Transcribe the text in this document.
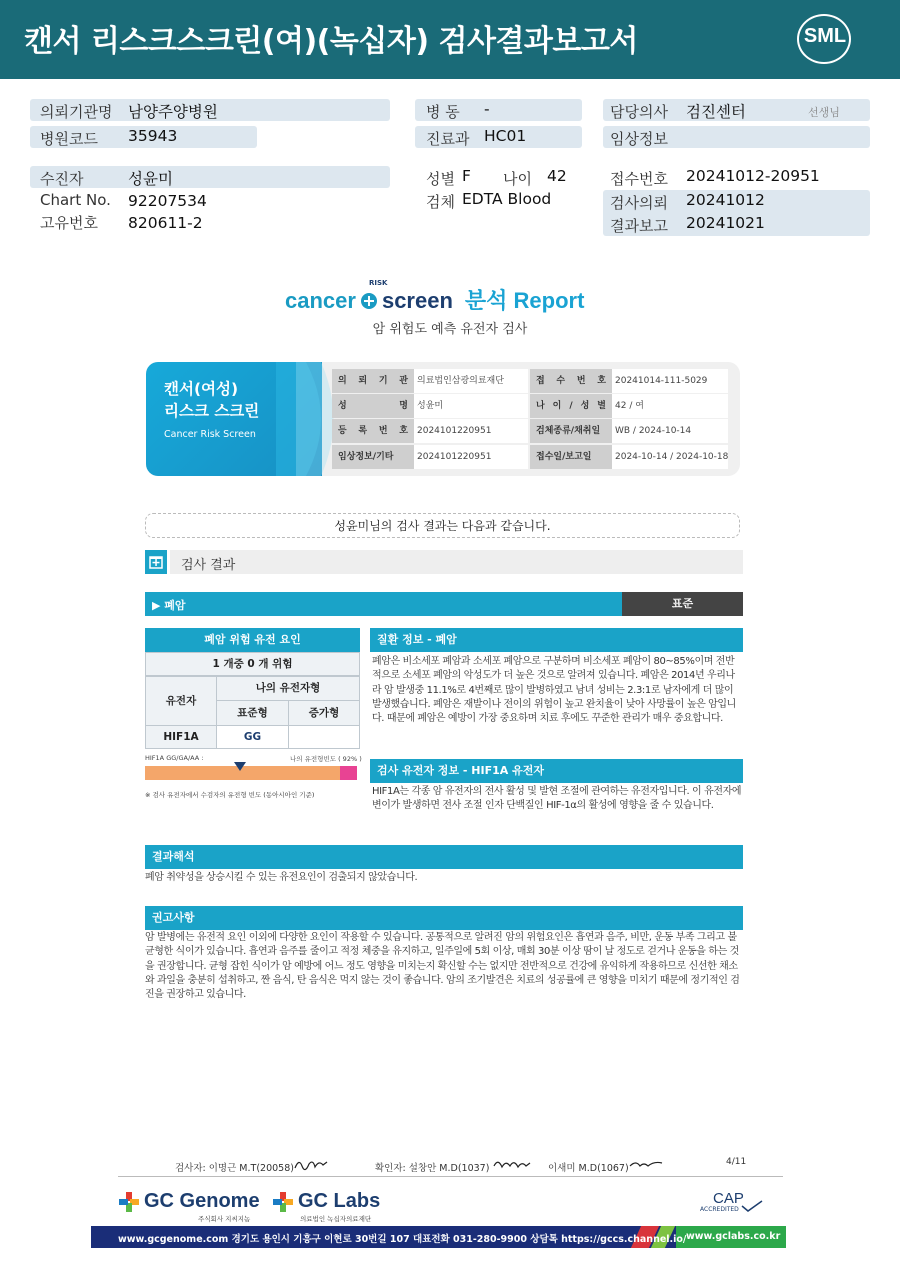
캔서 리스크스크린(여)(녹십자) 검사결과보고서	SML
의뢰기관명 남양주양병원
병원코드 35943
병 동 -
진료과 HC01
담당의사 검진센터	선생님
임상정보
수진자	성윤미
Chart No. 92207534
고유번호 820611-2
성별 F 나이 42
검체 EDTA Blood
접수번호 20241012-20951
검사의뢰 20241012
결과보고 20241021
cancer screen 분석 Report
RISK
암 위험도 예측 유전자 검사
캔서(여성)
리스크 스크린
Cancer Risk Screen
의 뢰 기 관	의료법인삼광의료재단	접 수 번 호	20241014-111-5029
성 명	성윤미	나 이 / 성 별	42 / 여
등 록 번 호	2024101220951	검체종류/채취일	WB / 2024-10-14
임상정보/기타	2024101220951	접수일/보고일	2024-10-14 / 2024-10-18
성윤미님의 검사 결과는 다음과 같습니다.
검사 결과
▶ 폐암	표준
폐암 위험 유전 요인
1 개중 0 개 위험
유전자
나의 유전자형
표준형	증가형
HIF1A	GG
HIF1A GG/GA/AA :	나의 유전형빈도 ( 92% )
※ 검사 유전자에서 수검자의 유전형 빈도 (동아시아인 기준)
질환 정보 - 폐암
폐암은 비소세포 폐암과 소세포 폐암으로 구분하며 비소세포 폐암이 80~85%이며 전반적으로 소세포 폐암의 악성도가 더 높은 것으로 알려져 있습니다. 폐암은 2014년 우리나라 암 발생중 11.1%로 4번째로 많이 발병하였고 남녀 성비는 2.3:1로 남자에게 더 많이 발생했습니다. 폐암은 재발이나 전이의 위험이 높고 완치율이 낮아 사망률이 높은 암입니다. 때문에 폐암은 예방이 가장 중요하며 치료 후에도 꾸준한 관리가 매우 중요합니다.
검사 유전자 정보 - HIF1A 유전자
HIF1A는 각종 암 유전자의 전사 활성 및 발현 조절에 관여하는 유전자입니다. 이 유전자에 변이가 발생하면 전사 조절 인자 단백질인 HIF-1α의 활성에 영향을 줄 수 있습니다.
결과해석
폐암 취약성을 상승시킬 수 있는 유전요인이 검출되지 않았습니다.
권고사항
암 발병에는 유전적 요인 이외에 다양한 요인이 작용할 수 있습니다. 공통적으로 알려진 암의 위험요인은 흡연과 음주, 비만, 운동 부족 그리고 불균형한 식이가 있습니다. 흡연과 음주를 줄이고 적정 체중을 유지하고, 일주일에 5회 이상, 매회 30분 이상 땀이 날 정도로 걷거나 운동을 하는 것을 권장합니다. 균형 잡힌 식이가 암 예방에 어느 정도 영향을 미치는지 확신할 수는 없지만 전반적으로 건강에 유익하게 작용하므로 신선한 채소와 과일을 충분히 섭취하고, 짠 음식, 탄 음식은 먹지 않는 것이 좋습니다. 암의 조기발견은 치료의 성공률에 큰 영향을 미치기 때문에 정기적인 검진을 권장하고 있습니다.
검사자: 이명근 M.T(20058)	확인자: 설창안 M.D(1037)	이새미 M.D(1067)
4/11
GC Genome
주식회사 지씨지놈
GC Labs
의료법인 녹십자의료재단
CAP
ACCREDITED
www.gcgenome.com 경기도 용인시 기흥구 이현로 30번길 107 대표전화 031-280-9900 상담톡 https://gccs.channel.io/ www.gclabs.co.kr
